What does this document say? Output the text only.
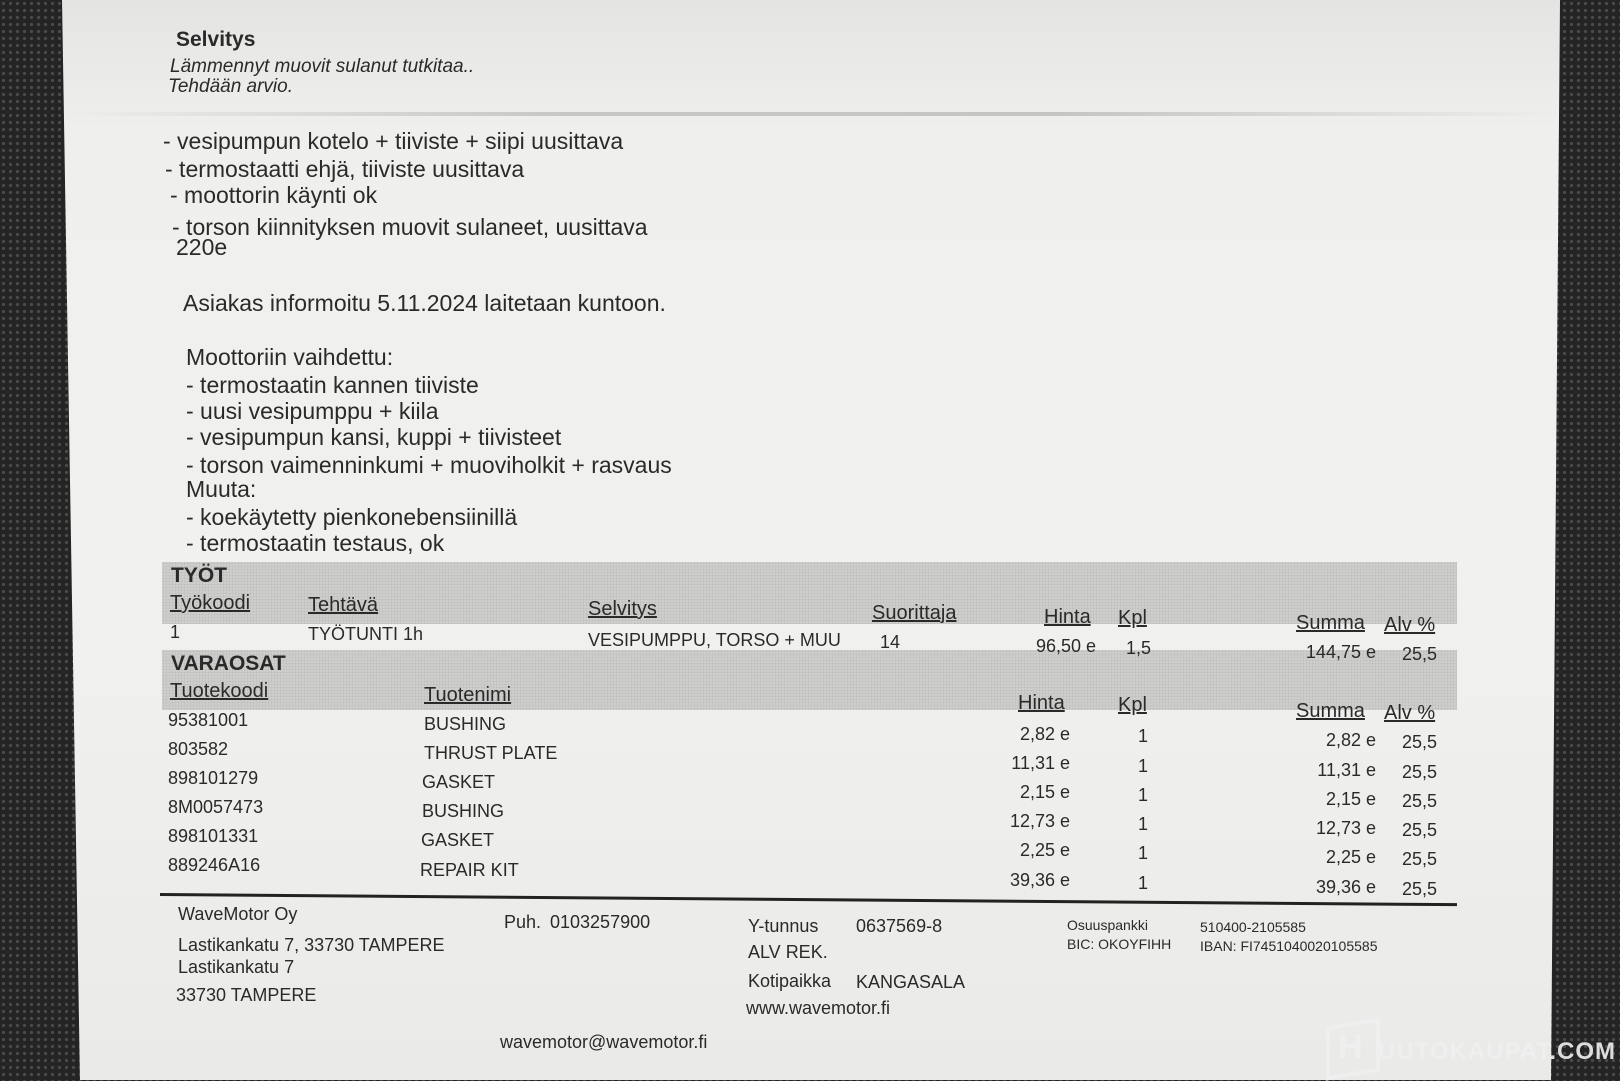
Selvitys
Lämmennyt muovit sulanut tutkitaa..
Tehdään arvio.
- vesipumpun kotelo + tiiviste + siipi uusittava
- termostaatti ehjä, tiiviste uusittava
- moottorin käynti ok
- torson kiinnityksen muovit sulaneet, uusittava
220e
Asiakas informoitu 5.11.2024 laitetaan kuntoon.
Moottoriin vaihdettu:
- termostaatin kannen tiiviste
- uusi vesipumppu + kiila
- vesipumpun kansi, kuppi + tiivisteet
- torson vaimenninkumi + muoviholkit + rasvaus
Muuta:
- koekäytetty pienkonebensiinillä
- termostaatin testaus, ok
TYÖT
Työkoodi	Tehtävä	Selvitys	Suorittaja	Hinta Kpl	Summa Alv %
1	TYÖTUNTI 1h	VESIPUMPPU, TORSO + MUU 14	96,50 e 1,5	144,75 e 25,5
VARAOSAT
Tuotekoodi	Tuotenimi	Hinta	Kpl	Summa Alv %
95381001	BUSHING	2,82 e	1	2,82 e 25,5
803582	THRUST PLATE	11,31 e	1	11,31 e 25,5
898101279	GASKET	2,15 e	1	2,15 e 25,5
8M0057473	BUSHING	12,73 e	1	12,73 e 25,5
898101331	GASKET	2,25 e	1	2,25 e 25,5
889246A16	REPAIR KIT	39,36 e	1	39,36 e 25,5
WaveMotor Oy
Lastikankatu 7, 33730 TAMPERE
Lastikankatu 7
33730 TAMPERE
Puh. 0103257900
wavemotor@wavemotor.fi
Y-tunnus 0637569-8
ALV REK.
Kotipaikka KANGASALA
www.wavemotor.fi
Osuuspankki	510400-2105585
BIC: OKOYFIHH IBAN: FI7451040020105585
H UUTOKAUPAT.COM
